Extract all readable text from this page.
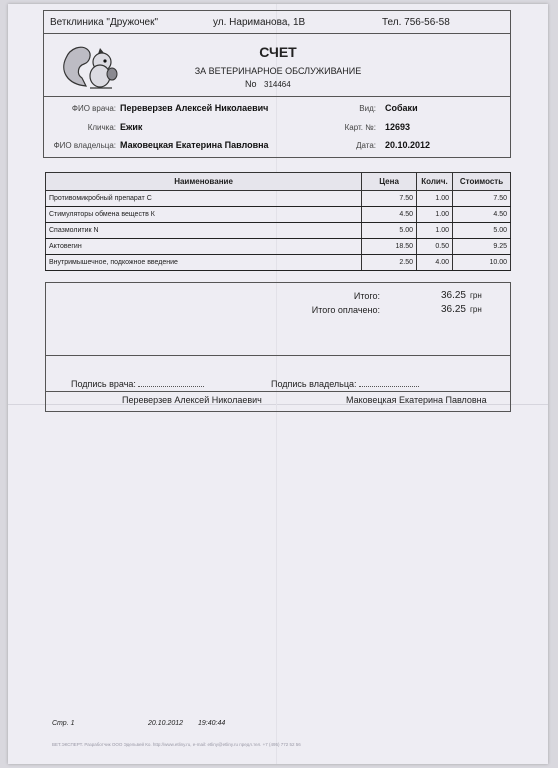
Ветклиника "Дружочек"	ул. Нариманова, 1В	Тел. 756-56-58
СЧЕТ
ЗА ВЕТЕРИНАРНОЕ ОБСЛУЖИВАНИЕ
No 314464
ФИО врача: Переверзев Алексей Николаевич	Вид: Собаки
Кличка: Ежик	Карт. №: 12693
ФИО владельца: Маковецкая Екатерина Павловна	Дата: 20.10.2012
Наименование	Цена	Колич.	Стоимость
Противомикробный препарат С	7.50	1.00	7.50
Стимуляторы обмена веществ К	4.50	1.00	4.50
Спазмолитик N	5.00	1.00	5.00
Актовегин	18.50	0.50	9.25
Внутримышечное, подкожное введение	2.50	4.00	10.00
Итого:	36.25 грн
Итого оплачено:	36.25 грн
Подпись врача:	Подпись владельца:
Переверзев Алексей Николаевич	Маковецкая Екатерина Павловна
Стр. 1	20.10.2012 19:40:44
ВЕТ.ЭКСПЕРТ. Разработчик ООО Эдельвей Ко. http://www.etliny.ru, e-mail: etliny@etliny.ru предл.тел. +7 (495) 772 52 56
